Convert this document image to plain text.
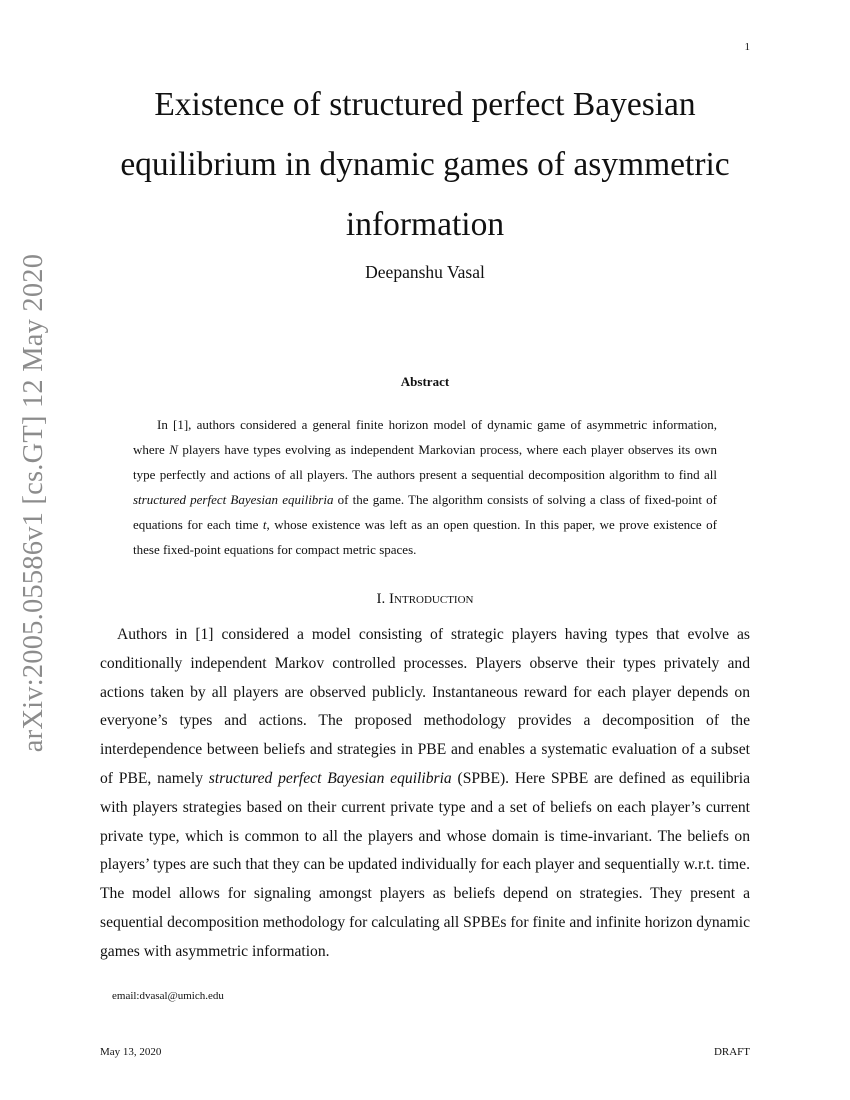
1
arXiv:2005.05586v1 [cs.GT] 12 May 2020
Existence of structured perfect Bayesian equilibrium in dynamic games of asymmetric information
Deepanshu Vasal
Abstract

In [1], authors considered a general finite horizon model of dynamic game of asymmetric information, where N players have types evolving as independent Markovian process, where each player observes its own type perfectly and actions of all players. The authors present a sequential decomposition algorithm to find all structured perfect Bayesian equilibria of the game. The algorithm consists of solving a class of fixed-point of equations for each time t, whose existence was left as an open question. In this paper, we prove existence of these fixed-point equations for compact metric spaces.

I. Introduction

Authors in [1] considered a model consisting of strategic players having types that evolve as conditionally independent Markov controlled processes. Players observe their types privately and actions taken by all players are observed publicly. Instantaneous reward for each player depends on everyone’s types and actions. The proposed methodology provides a decomposition of the interdependence between beliefs and strategies in PBE and enables a systematic evaluation of a subset of PBE, namely structured perfect Bayesian equilibria (SPBE). Here SPBE are defined as equilibria with players strategies based on their current private type and a set of beliefs on each player’s current private type, which is common to all the players and whose domain is time-invariant. The beliefs on players’ types are such that they can be updated individually for each player and sequentially w.r.t. time. The model allows for signaling amongst players as beliefs depend on strategies. They present a sequential decomposition methodology for calculating all SPBEs for finite and infinite horizon dynamic games with asymmetric information.

email:dvasal@umich.edu
May 13, 2020	DRAFT
